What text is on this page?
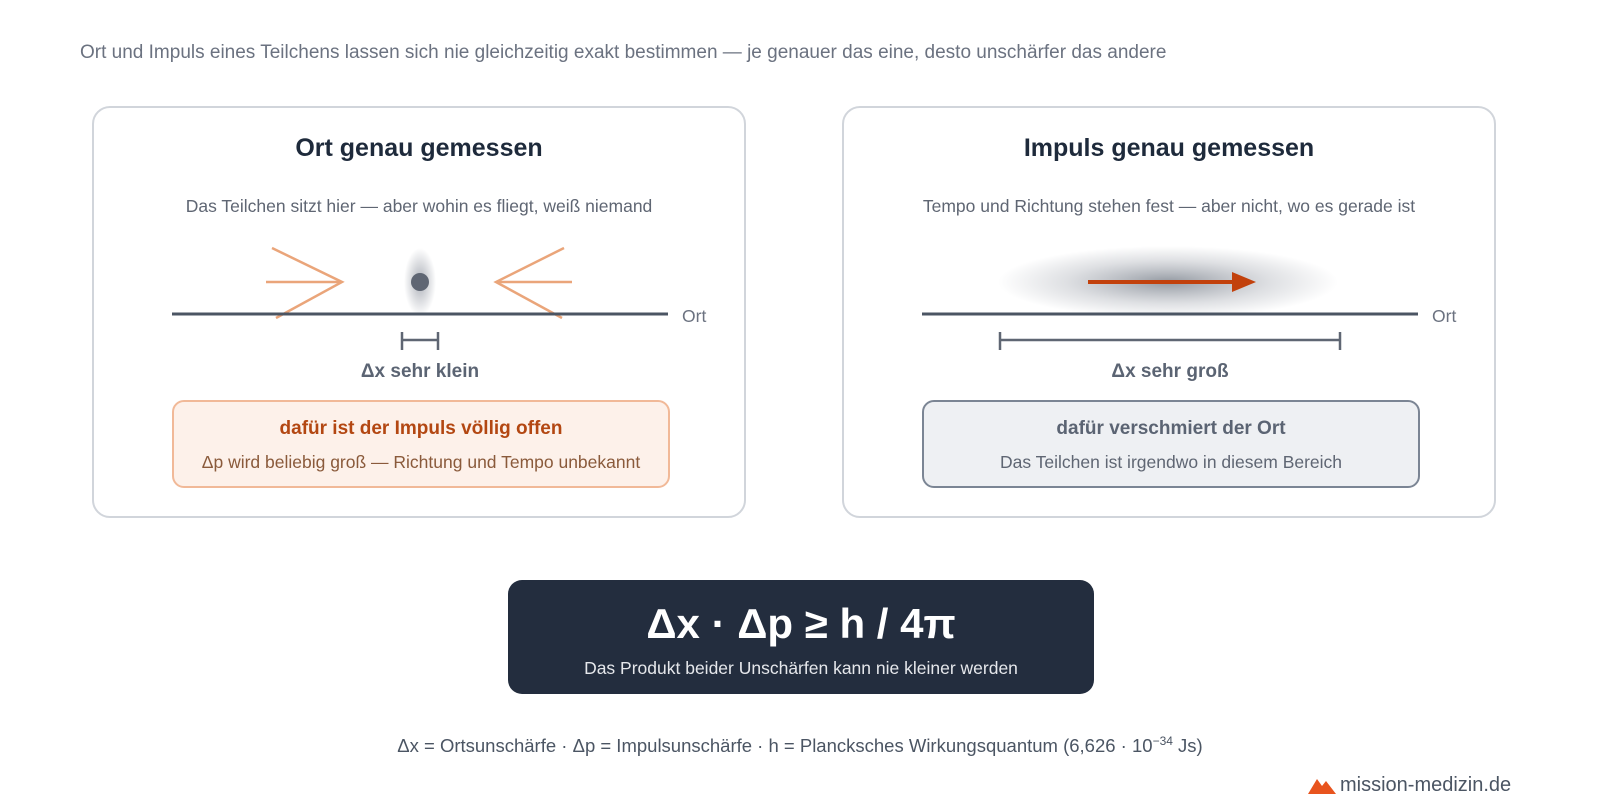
Ort und Impuls eines Teilchens lassen sich nie gleichzeitig exakt bestimmen — je genauer das eine, desto unschärfer das andere
Ort genau gemessen
Das Teilchen sitzt hier — aber wohin es fliegt, weiß niemand
Ort
Δx sehr klein
dafür ist der Impuls völlig offen
Δp wird beliebig groß — Richtung und Tempo unbekannt
Impuls genau gemessen
Tempo und Richtung stehen fest — aber nicht, wo es gerade ist
Ort
Δx sehr groß
dafür verschmiert der Ort
Das Teilchen ist irgendwo in diesem Bereich
Δx · Δp ≥ h / 4π
Das Produkt beider Unschärfen kann nie kleiner werden
Δx = Ortsunschärfe · Δp = Impulsunschärfe · h = Plancksches Wirkungsquantum ($6,626 \cdot 10^{-34}$ Js)
mission-medizin.de
